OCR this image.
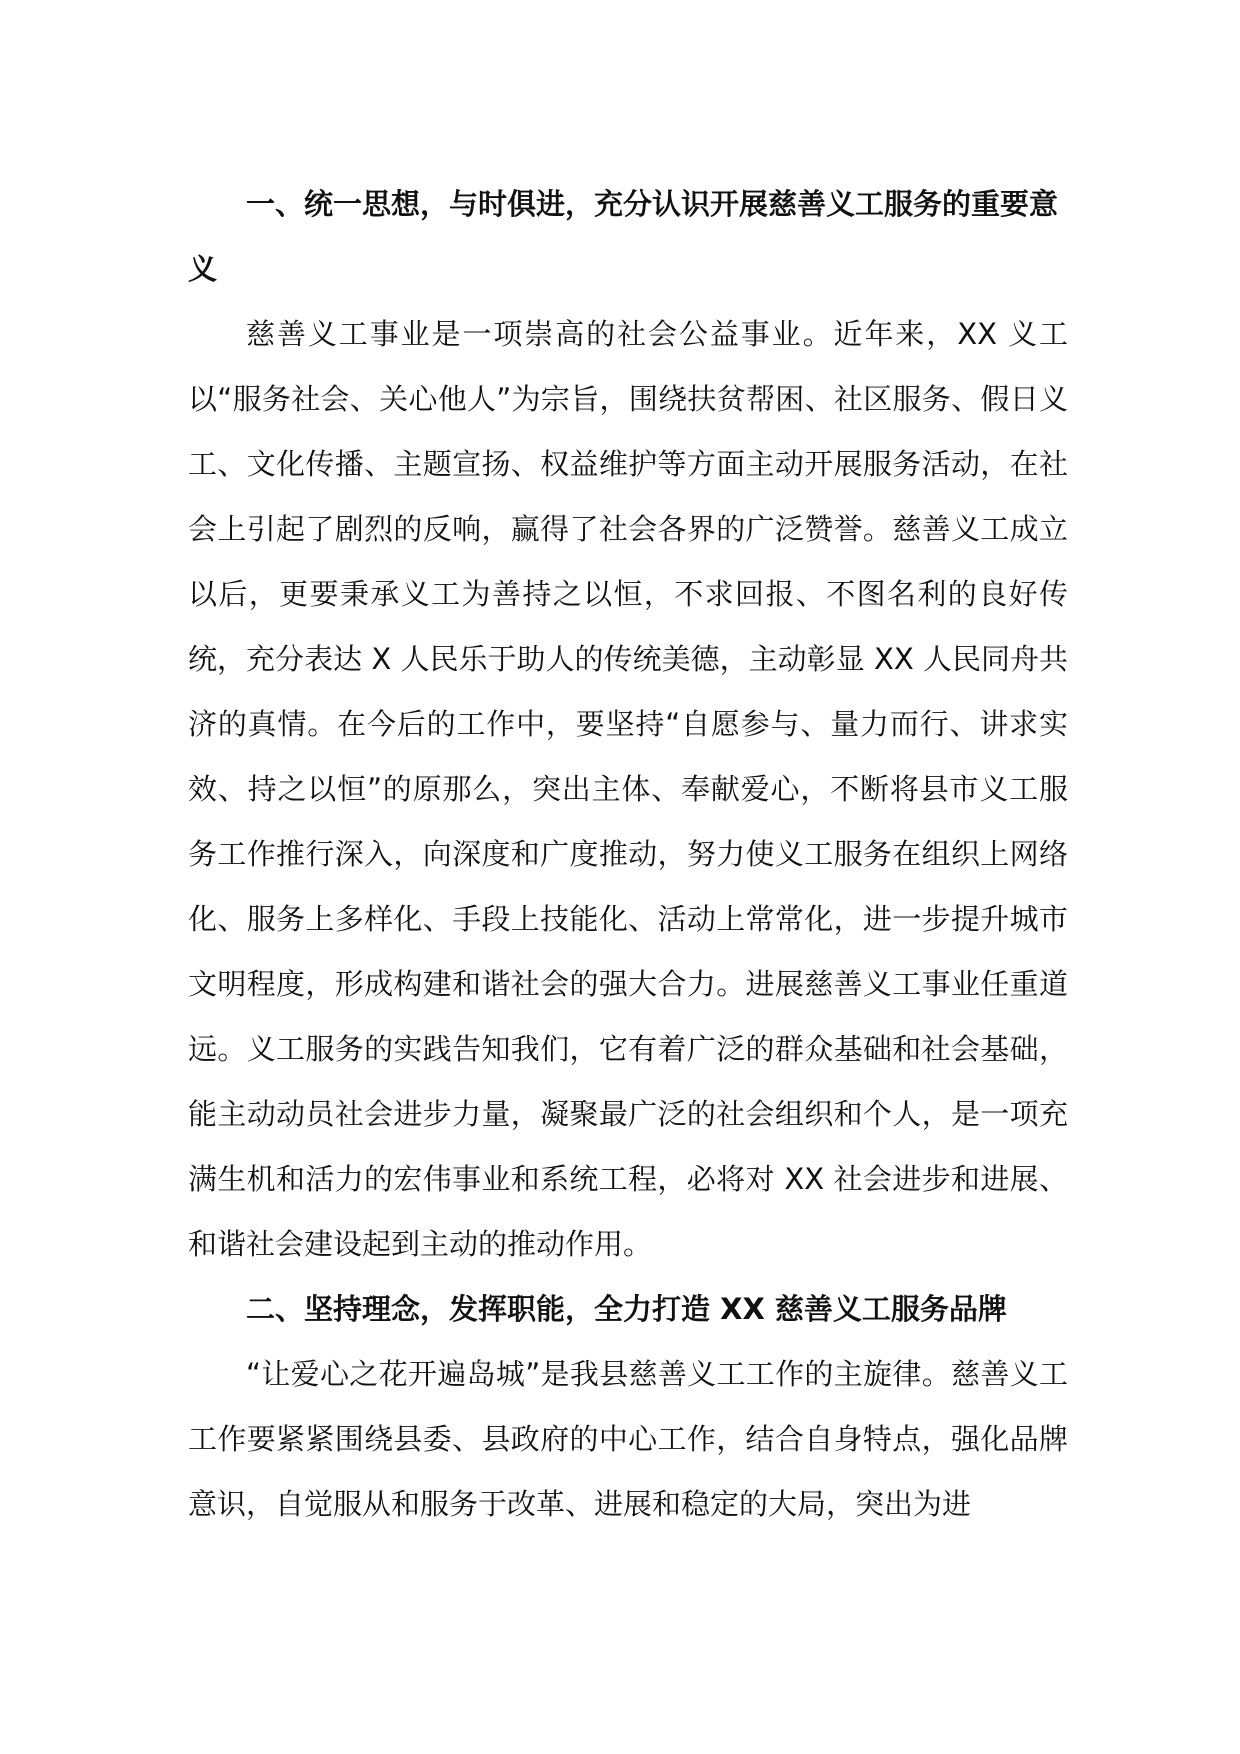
一、统一思想，与时俱进，充分认识开展慈善义工服务的重要意义

慈善义工事业是一项崇高的社会公益事业。近年来，XX 义工以“服务社会、关心他人”为宗旨，围绕扶贫帮困、社区服务、假日义工、文化传播、主题宣扬、权益维护等方面主动开展服务活动，在社会上引起了剧烈的反响，赢得了社会各界的广泛赞誉。慈善义工成立以后，更要秉承义工为善持之以恒，不求回报、不图名利的良好传统，充分表达 X 人民乐于助人的传统美德，主动彰显 XX 人民同舟共济的真情。在今后的工作中，要坚持“自愿参与、量力而行、讲求实效、持之以恒”的原那么，突出主体、奉献爱心，不断将县市义工服务工作推行深入，向深度和广度推动，努力使义工服务在组织上网络化、服务上多样化、手段上技能化、活动上常常化，进一步提升城市文明程度，形成构建和谐社会的强大合力。进展慈善义工事业任重道远。义工服务的实践告知我们，它有着广泛的群众基础和社会基础，能主动动员社会进步力量，凝聚最广泛的社会组织和个人，是一项充满生机和活力的宏伟事业和系统工程，必将对 XX 社会进步和进展、和谐社会建设起到主动的推动作用。

二、坚持理念，发挥职能，全力打造 XX 慈善义工服务品牌

“让爱心之花开遍岛城”是我县慈善义工工作的主旋律。慈善义工工作要紧紧围绕县委、县政府的中心工作，结合自身特点，强化品牌意识，自觉服从和服务于改革、进展和稳定的大局，突出为进
